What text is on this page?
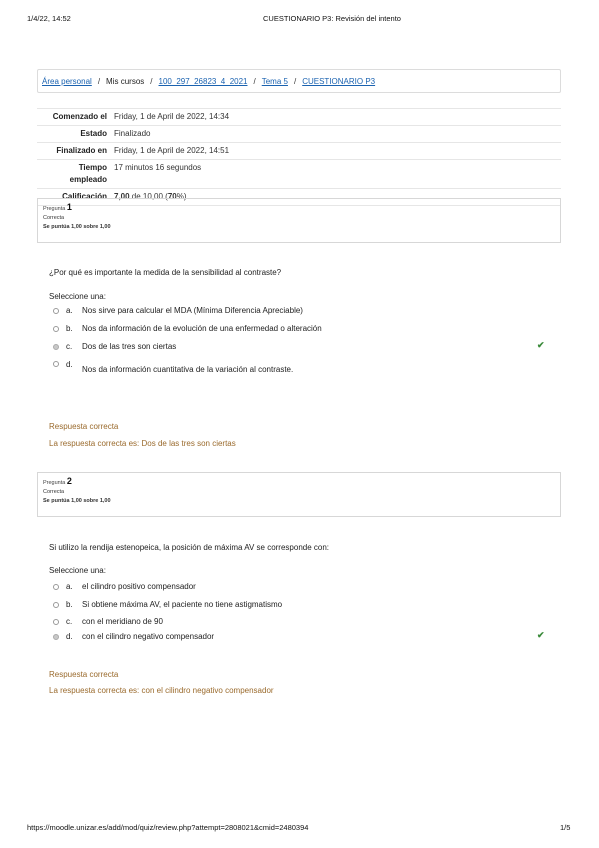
1/4/22, 14:52	CUESTIONARIO P3: Revisión del intento
https://moodle.unizar.es/add/mod/quiz/review.php?attempt=2808021&cmid=2480394	1/5
Área personal / Mis cursos / 100_297_26823_4_2021 / Tema 5 / CUESTIONARIO P3
Comenzado el Friday, 1 de April de 2022, 14:34
Estado Finalizado
Finalizado en Friday, 1 de April de 2022, 14:51
Tiempo empleado
17 minutos 16 segundos
Calificación 7,00 de 10,00 (70%)
Pregunta 1
Correcta
Se puntúa 1,00 sobre 1,00
¿Por qué es importante la medida de la sensibilidad al contraste?
Seleccione una:
a.	Nos sirve para calcular el MDA (Mínima Diferencia Apreciable)
b.	Nos da información de la evolución de una enfermedad o alteración
c.	Dos de las tres son ciertas	✔
d.
Nos da información cuantitativa de la variación al contraste.
Respuesta correcta
La respuesta correcta es: Dos de las tres son ciertas
Pregunta 2
Correcta
Se puntúa 1,00 sobre 1,00
Si utilizo la rendija estenopeica, la posición de máxima AV se corresponde con:
Seleccione una:
a.	el cilindro positivo compensador
b.	Si obtiene máxima AV, el paciente no tiene astigmatismo
c.	con el meridiano de 90
d.	con el cilindro negativo compensador	✔
Respuesta correcta
La respuesta correcta es: con el cilindro negativo compensador
